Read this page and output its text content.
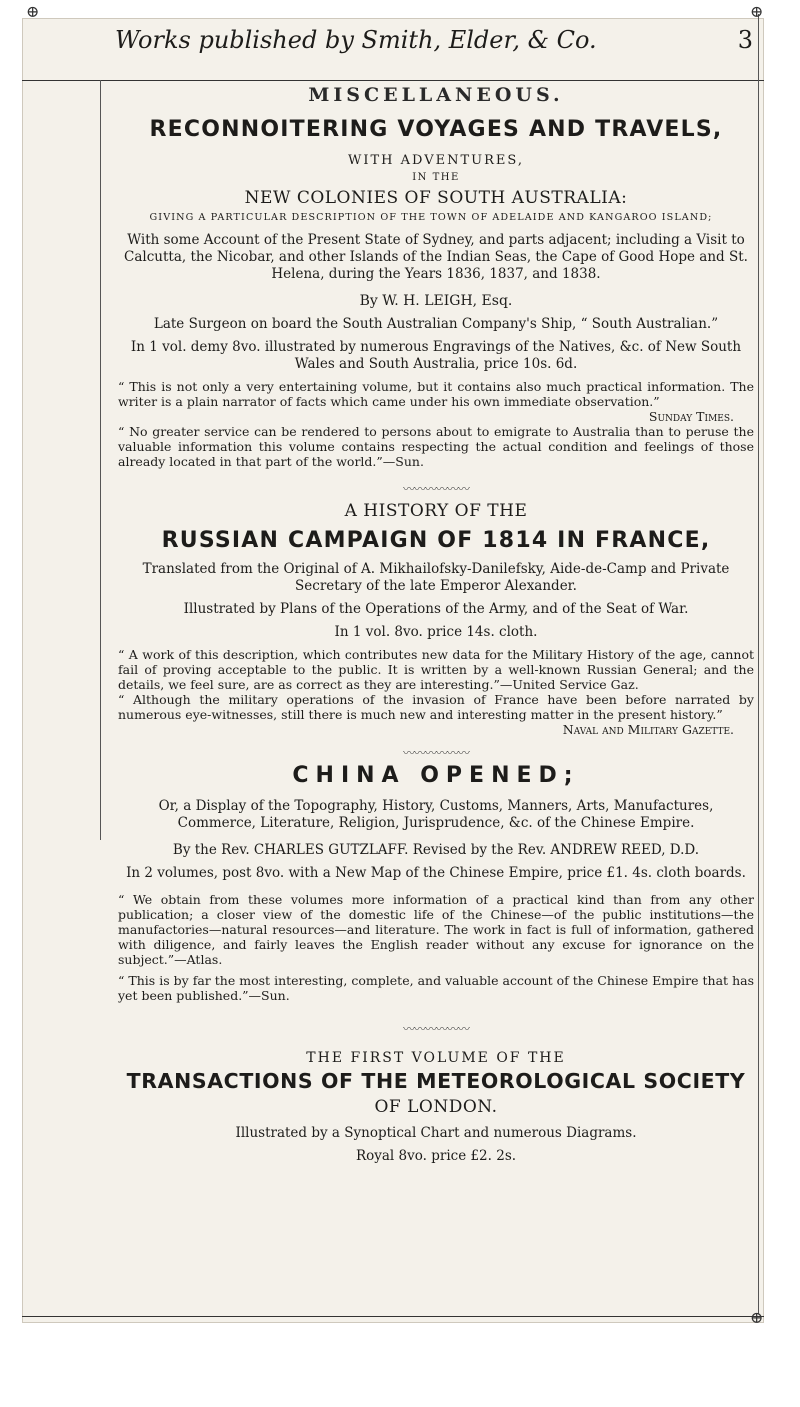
⊕	⊕
⊕
Works published by Smith, Elder, & Co.	3
MISCELLANEOUS.
RECONNOITERING VOYAGES AND TRAVELS,
WITH ADVENTURES,
IN THE
NEW COLONIES OF SOUTH AUSTRALIA:
GIVING A PARTICULAR DESCRIPTION OF THE TOWN OF ADELAIDE AND KANGAROO ISLAND;

With some Account of the Present State of Sydney, and parts adjacent; including a Visit to Calcutta, the Nicobar, and other Islands of the Indian Seas, the Cape of Good Hope and St. Helena, during the Years 1836, 1837, and 1838.

By W. H. LEIGH, Esq.

Late Surgeon on board the South Australian Company's Ship, “ South Australian.”

In 1 vol. demy 8vo. illustrated by numerous Engravings of the Natives, &c. of New South Wales and South Australia, price 10s. 6d.

“ This is not only a very entertaining volume, but it contains also much practical information. The writer is a plain narrator of facts which came under his own immediate observation.”

Sunday Times.

“ No greater service can be rendered to persons about to emigrate to Australia than to peruse the valuable information this volume contains respecting the actual condition and feelings of those already located in that part of the world.”—Sun.

〰〰〰〰〰〰
A HISTORY OF THE
RUSSIAN CAMPAIGN OF 1814 IN FRANCE,

Translated from the Original of A. Mikhailofsky-Danilefsky, Aide-de-Camp and Private Secretary of the late Emperor Alexander.

Illustrated by Plans of the Operations of the Army, and of the Seat of War.

In 1 vol. 8vo. price 14s. cloth.

“ A work of this description, which contributes new data for the Military History of the age, cannot fail of proving acceptable to the public. It is written by a well-known Russian General; and the details, we feel sure, are as correct as they are interesting.”—United Service Gaz.

“ Although the military operations of the invasion of France have been before narrated by numerous eye-witnesses, still there is much new and interesting matter in the present history.”

Naval and Military Gazette.

〰〰〰〰〰〰
CHINA OPENED;

Or, a Display of the Topography, History, Customs, Manners, Arts, Manufactures, Commerce, Literature, Religion, Jurisprudence, &c. of the Chinese Empire.

By the Rev. CHARLES GUTZLAFF. Revised by the Rev. ANDREW REED, D.D.

In 2 volumes, post 8vo. with a New Map of the Chinese Empire, price £1. 4s. cloth boards.

“ We obtain from these volumes more information of a practical kind than from any other publication; a closer view of the domestic life of the Chinese—of the public institutions—the manufactories—natural resources—and literature. The work in fact is full of information, gathered with diligence, and fairly leaves the English reader without any excuse for ignorance on the subject.”—Atlas.

“ This is by far the most interesting, complete, and valuable account of the Chinese Empire that has yet been published.”—Sun.

〰〰〰〰〰〰
THE FIRST VOLUME OF THE
TRANSACTIONS OF THE METEOROLOGICAL SOCIETY
OF LONDON.

Illustrated by a Synoptical Chart and numerous Diagrams.

Royal 8vo. price £2. 2s.
